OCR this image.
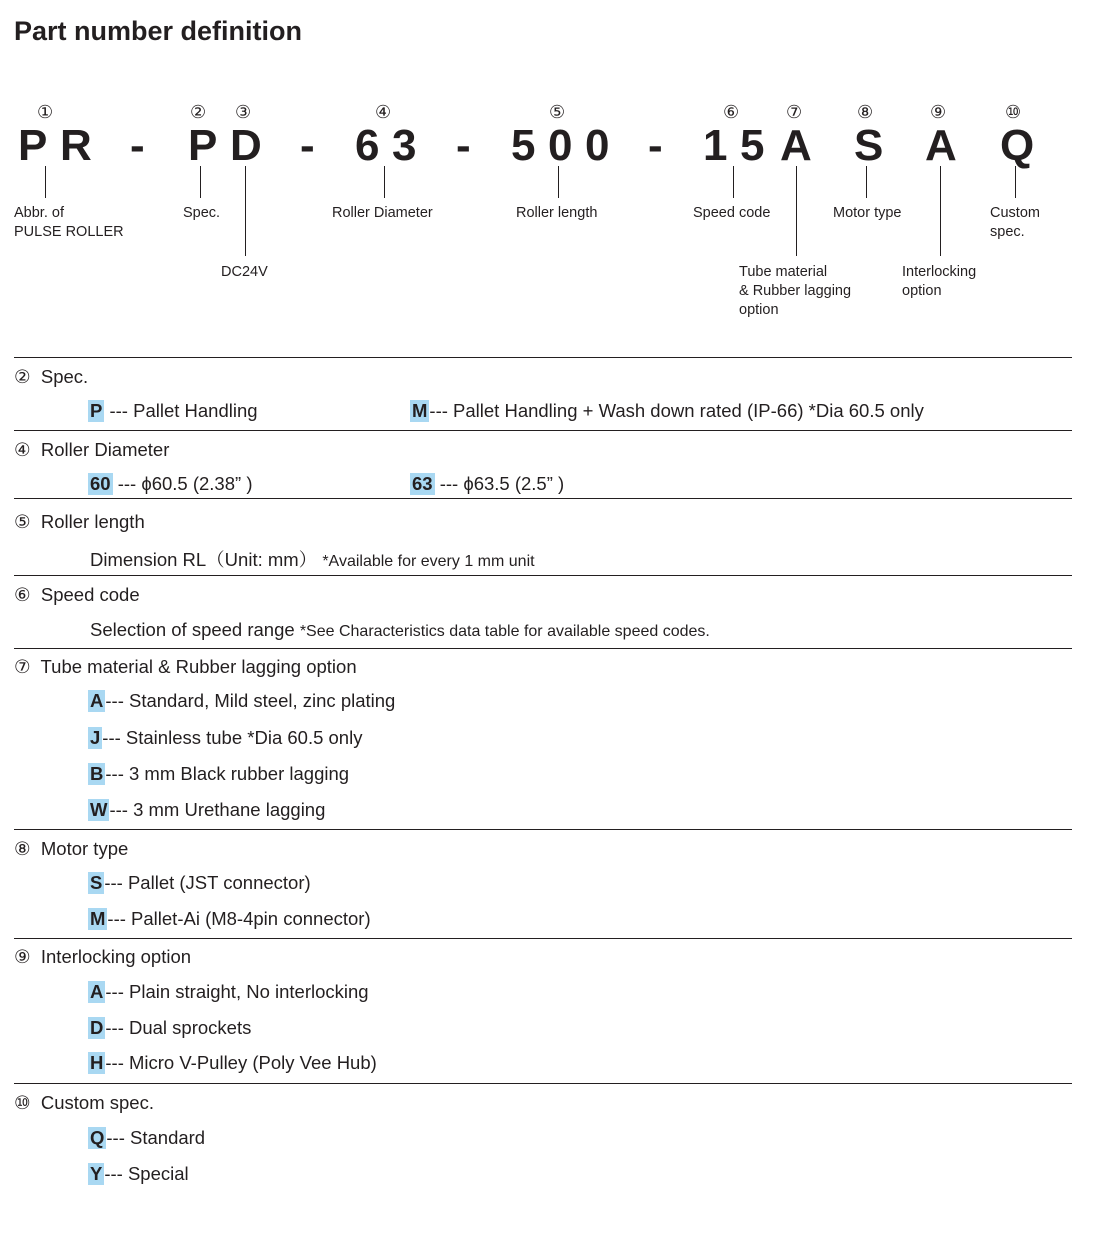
Part number definition
①	② ③	④	⑤	⑥	⑦	⑧	⑨	⑩
P R - P D - 6 3 - 5 0 0 - 1 5 A S A Q
Abbr. of
PULSE ROLLER
Spec.
DC24V
Roller Diameter	Roller length	Speed code
Tube material
& Rubber lagging
option
Motor type
Interlocking
option
Custom
spec.
② Spec.
P --- Pallet Handling	M --- Pallet Handling + Wash down rated (IP-66) *Dia 60.5 only
④ Roller Diameter
60 --- ϕ60.5 (2.38” )	63 --- ϕ63.5 (2.5” )
⑤ Roller length
Dimension RL（Unit: mm） *Available for every 1 mm unit
⑥ Speed code
Selection of speed range *See Characteristics data table for available speed codes.
⑦ Tube material & Rubber lagging option
A --- Standard, Mild steel, zinc plating
J --- Stainless tube *Dia 60.5 only
B --- 3 mm Black rubber lagging
W --- 3 mm Urethane lagging
⑧ Motor type
S --- Pallet (JST connector)
M --- Pallet-Ai (M8-4pin connector)
⑨ Interlocking option
A --- Plain straight, No interlocking
D --- Dual sprockets
H --- Micro V-Pulley (Poly Vee Hub)
⑩ Custom spec.
Q --- Standard
Y --- Special
